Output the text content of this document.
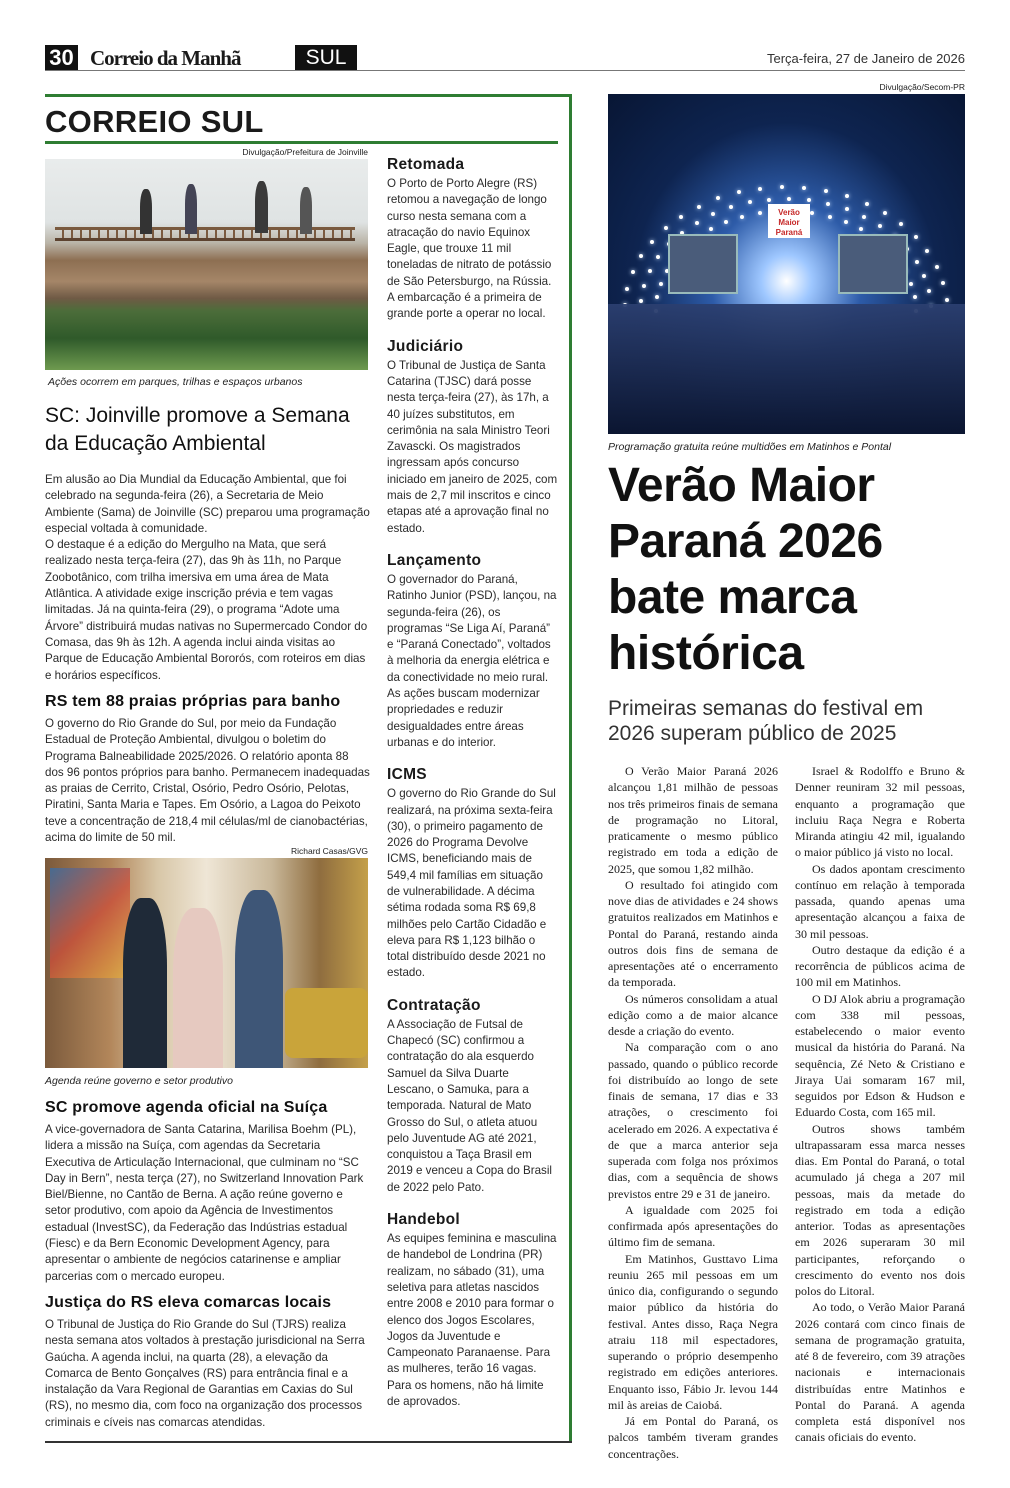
30 Correio da Manhã	SUL	Terça-feira, 27 de Janeiro de 2026
CORREIO SUL
Divulgação/Prefeitura de Joinville
Ações ocorrem em parques, trilhas e espaços urbanos
SC: Joinville promove a Semana da Educação Ambiental

Em alusão ao Dia Mundial da Educação Ambiental, que foi celebrado na segunda-feira (26), a Secretaria de Meio Ambiente (Sama) de Joinville (SC) preparou uma programação especial voltada à comunidade.

O destaque é a edição do Mergulho na Mata, que será realizado nesta terça-feira (27), das 9h às 11h, no Parque Zoobotânico, com trilha imersiva em uma área de Mata Atlântica. A atividade exige inscrição prévia e tem vagas limitadas. Já na quinta-feira (29), o programa “Adote uma Árvore” distribuirá mudas nativas no Supermercado Condor do Comasa, das 9h às 12h. A agenda inclui ainda visitas ao Parque de Educação Ambiental Bororós, com roteiros em dias e horários específicos.

RS tem 88 praias próprias para banho
O governo do Rio Grande do Sul, por meio da Fundação Estadual de Proteção Ambiental, divulgou o boletim do Programa Balneabilidade 2025/2026. O relatório aponta 88 dos 96 pontos próprios para banho. Permanecem inadequadas as praias de Cerrito, Cristal, Osório, Pedro Osório, Pelotas, Piratini, Santa Maria e Tapes. Em Osório, a Lagoa do Peixoto teve a concentração de 218,4 mil células/ml de cianobactérias, acima do limite de 50 mil.
Richard Casas/GVG
Agenda reúne governo e setor produtivo
SC promove agenda oficial na Suíça
A vice-governadora de Santa Catarina, Marilisa Boehm (PL), lidera a missão na Suíça, com agendas da Secretaria Executiva de Articulação Internacional, que culminam no “SC Day in Bern”, nesta terça (27), no Switzerland Innovation Park Biel/Bienne, no Cantão de Berna. A ação reúne governo e setor produtivo, com apoio da Agência de Investimentos estadual (InvestSC), da Federação das Indústrias estadual (Fiesc) e da Bern Economic Development Agency, para apresentar o ambiente de negócios catarinense e ampliar parcerias com o mercado europeu.
Justiça do RS eleva comarcas locais
O Tribunal de Justiça do Rio Grande do Sul (TJRS) realiza nesta semana atos voltados à prestação jurisdicional na Serra Gaúcha. A agenda inclui, na quarta (28), a elevação da Comarca de Bento Gonçalves (RS) para entrância final e a instalação da Vara Regional de Garantias em Caxias do Sul (RS), no mesmo dia, com foco na organização dos processos criminais e cíveis nas comarcas atendidas.
Retomada
O Porto de Porto Alegre (RS) retomou a navegação de longo curso nesta semana com a atracação do navio Equinox Eagle, que trouxe 11 mil toneladas de nitrato de potássio de São Petersburgo, na Rússia. A embarcação é a primeira de grande porte a operar no local.
Judiciário
O Tribunal de Justiça de Santa Catarina (TJSC) dará posse nesta terça-feira (27), às 17h, a 40 juízes substitutos, em cerimônia na sala Ministro Teori Zavascki. Os magistrados ingressam após concurso iniciado em janeiro de 2025, com mais de 2,7 mil inscritos e cinco etapas até a aprovação final no estado.
Lançamento
O governador do Paraná, Ratinho Junior (PSD), lançou, na segunda-feira (26), os programas “Se Liga Aí, Paraná” e “Paraná Conectado”, voltados à melhoria da energia elétrica e da conectividade no meio rural. As ações buscam modernizar propriedades e reduzir desigualdades entre áreas urbanas e do interior.
ICMS
O governo do Rio Grande do Sul realizará, na próxima sexta-feira (30), o primeiro pagamento de 2026 do Programa Devolve ICMS, beneficiando mais de 549,4 mil famílias em situação de vulnerabilidade. A décima sétima rodada soma R$ 69,8 milhões pelo Cartão Cidadão e eleva para R$ 1,123 bilhão o total distribuído desde 2021 no estado.
Contratação
A Associação de Futsal de Chapecó (SC) confirmou a contratação do ala esquerdo Samuel da Silva Duarte Lescano, o Samuka, para a temporada. Natural de Mato Grosso do Sul, o atleta atuou pelo Juventude AG até 2021, conquistou a Taça Brasil em 2019 e venceu a Copa do Brasil de 2022 pelo Pato.
Handebol
As equipes feminina e masculina de handebol de Londrina (PR) realizam, no sábado (31), uma seletiva para atletas nascidos entre 2008 e 2010 para formar o elenco dos Jogos Escolares, Jogos da Juventude e Campeonato Paranaense. Para as mulheres, terão 16 vagas. Para os homens, não há limite de aprovados.
Divulgação/Secom-PR
Verão Maior Paraná
Programação gratuita reúne multidões em Matinhos e Pontal
Verão Maior Paraná 2026 bate marca histórica
Primeiras semanas do festival em 2026 superam público de 2025

O Verão Maior Paraná 2026 alcançou 1,81 milhão de pessoas nos três primeiros finais de semana de programação no Litoral, praticamente o mesmo público registrado em toda a edição de 2025, que somou 1,82 milhão.

O resultado foi atingido com nove dias de atividades e 24 shows gratuitos realizados em Matinhos e Pontal do Paraná, restando ainda outros dois fins de semana de apresentações até o encerramento da temporada.

Os números consolidam a atual edição como a de maior alcance desde a criação do evento.

Na comparação com o ano passado, quando o público recorde foi distribuído ao longo de sete finais de semana, 17 dias e 33 atrações, o crescimento foi acelerado em 2026. A expectativa é de que a marca anterior seja superada com folga nos próximos dias, com a sequência de shows previstos entre 29 e 31 de janeiro.

A igualdade com 2025 foi confirmada após apresentações do último fim de semana.

Em Matinhos, Gusttavo Lima reuniu 265 mil pessoas em um único dia, configurando o segundo maior público da história do festival. Antes disso, Raça Negra atraiu 118 mil espectadores, superando o próprio desempenho registrado em edições anteriores. Enquanto isso, Fábio Jr. levou 144 mil às areias de Caiobá.

Já em Pontal do Paraná, os palcos também tiveram grandes concentrações.

Israel & Rodolffo e Bruno & Denner reuniram 32 mil pessoas, enquanto a programação que incluiu Raça Negra e Roberta Miranda atingiu 42 mil, igualando o maior público já visto no local.

Os dados apontam crescimento contínuo em relação à temporada passada, quando apenas uma apresentação alcançou a faixa de 30 mil pessoas.

Outro destaque da edição é a recorrência de públicos acima de 100 mil em Matinhos.

O DJ Alok abriu a programação com 338 mil pessoas, estabelecendo o maior evento musical da história do Paraná. Na sequência, Zé Neto & Cristiano e Jiraya Uai somaram 167 mil, seguidos por Edson & Hudson e Eduardo Costa, com 165 mil.

Outros shows também ultrapassaram essa marca nesses dias. Em Pontal do Paraná, o total acumulado já chega a 207 mil pessoas, mais da metade do registrado em toda a edição anterior. Todas as apresentações em 2026 superaram 30 mil participantes, reforçando o crescimento do evento nos dois polos do Litoral.

Ao todo, o Verão Maior Paraná 2026 contará com cinco finais de semana de programação gratuita, até 8 de fevereiro, com 39 atrações nacionais e internacionais distribuídas entre Matinhos e Pontal do Paraná. A agenda completa está disponível nos canais oficiais do evento.
